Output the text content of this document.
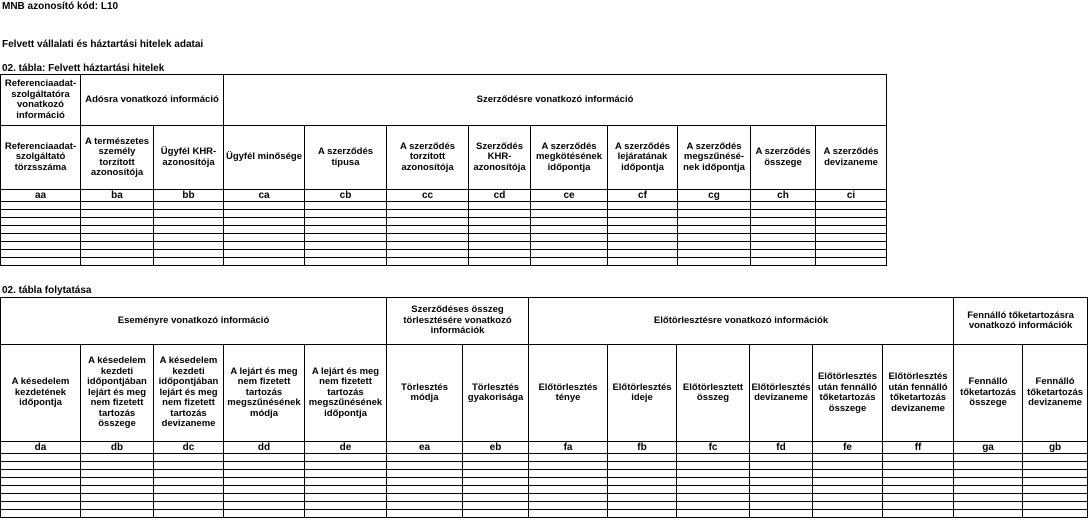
MNB azonosító kód: L10
Felvett vállalati és háztartási hitelek adatai
02. tábla: Felvett háztartási hitelek
Referenciaadat-szolgáltatóra vonatkozó információ	Adósra vonatkozó információ		Szerződésre vonatkozó információ								
Referenciaadat-szolgáltató törzsszáma	A természetes személy torzított azonosítója	Ügyfél KHR-azonosítója	Ügyfél minősége	A szerződés típusa	A szerződés torzított azonosítója	Szerződés KHR-azonosítója	A szerződés megkötésének időpontja	A szerződés lejáratának időpontja	A szerződés megszűnésé-nek időpontja	A szerződés összege	A szerződés devizaneme
aa	ba	bb	ca	cb	cc	cd	ce	cf	cg	ch	ci

02. tábla folytatása
Eseményre vonatkozó információ					Szerződéses összeg törlesztésére vonatkozó információk		Előtörlesztésre vonatkozó információk						Fennálló tőketartozásra vonatkozó információk	
A késedelem kezdetének időpontja	A késedelem kezdeti időpontjában lejárt és meg nem fizetett tartozás összege	A késedelem kezdeti időpontjában lejárt és meg nem fizetett tartozás devizaneme	A lejárt és meg nem fizetett tartozás megszűnésének módja	A lejárt és meg nem fizetett tartozás megszűnésének időpontja	Törlesztés módja	Törlesztés gyakorisága	Előtörlesztés ténye	Előtörlesztés ideje	Előtörlesztett összeg	Előtörlesztés devizaneme	Előtörlesztés után fennálló tőketartozás összege	Előtörlesztés után fennálló tőketartozás devizaneme	Fennálló tőketartozás összege	Fennálló tőketartozás devizaneme
da	db	dc	dd	de	ea	eb	fa	fb	fc	fd	fe	ff	ga	gb
